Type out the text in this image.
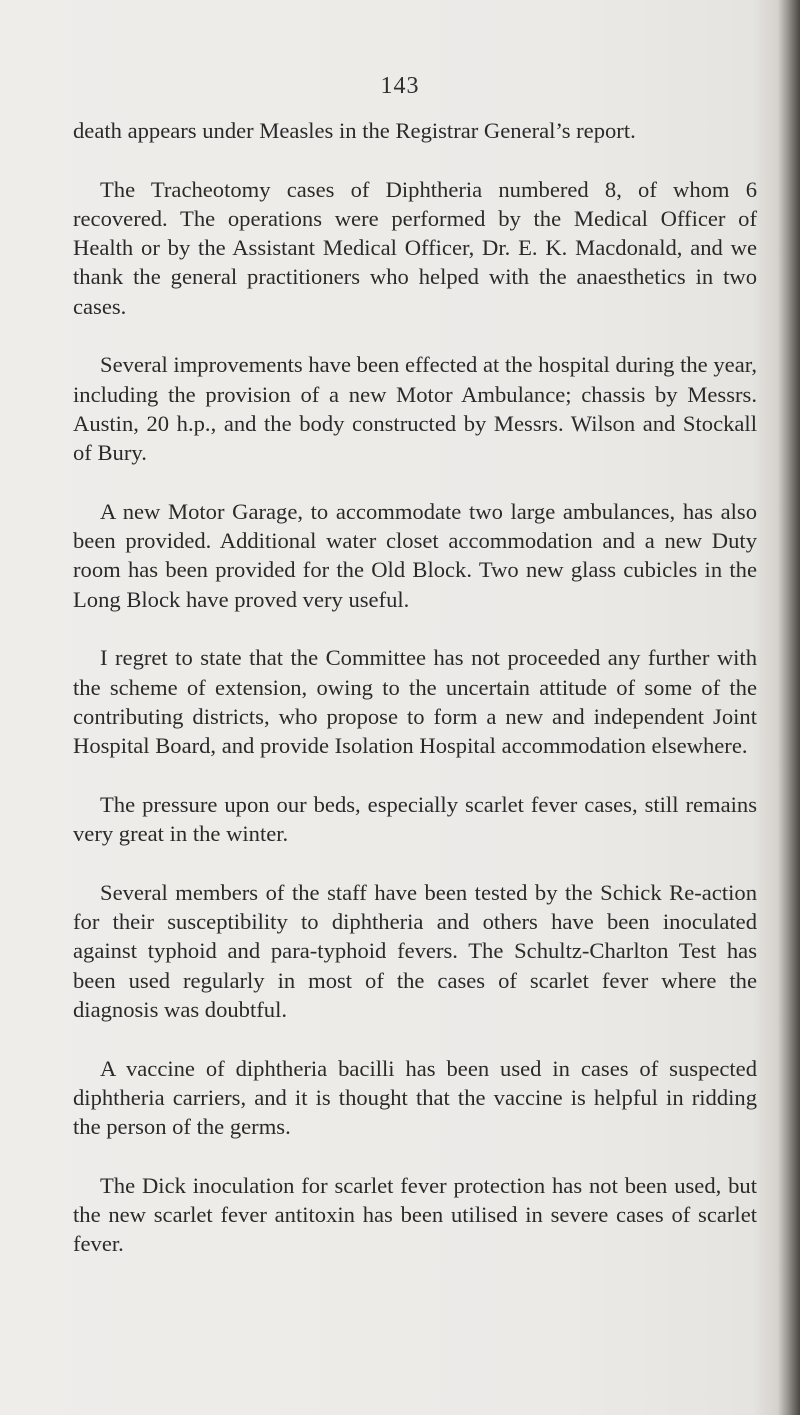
143

death appears under Measles in the Registrar General’s report.

The Tracheotomy cases of Diphtheria numbered 8, of whom 6 recovered. The operations were performed by the Medical Officer of Health or by the Assistant Medical Officer, Dr. E. K. Macdonald, and we thank the general practitioners who helped with the anaesthetics in two cases.

Several improvements have been effected at the hospital during the year, including the provision of a new Motor Ambulance; chassis by Messrs. Austin, 20 h.p., and the body constructed by Messrs. Wilson and Stockall of Bury.

A new Motor Garage, to accommodate two large ambulances, has also been provided. Additional water closet accommodation and a new Duty room has been provided for the Old Block. Two new glass cubicles in the Long Block have proved very useful.

I regret to state that the Committee has not proceeded any further with the scheme of extension, owing to the uncertain attitude of some of the contributing districts, who propose to form a new and independent Joint Hospital Board, and provide Isolation Hospital accommodation elsewhere.

The pressure upon our beds, especially scarlet fever cases, still remains very great in the winter.

Several members of the staff have been tested by the Schick Re-action for their susceptibility to diphtheria and others have been inoculated against typhoid and para-typhoid fevers. The Schultz-Charlton Test has been used regularly in most of the cases of scarlet fever where the diagnosis was doubtful.

A vaccine of diphtheria bacilli has been used in cases of suspected diphtheria carriers, and it is thought that the vaccine is helpful in ridding the person of the germs.

The Dick inoculation for scarlet fever protection has not been used, but the new scarlet fever antitoxin has been utilised in severe cases of scarlet fever.
